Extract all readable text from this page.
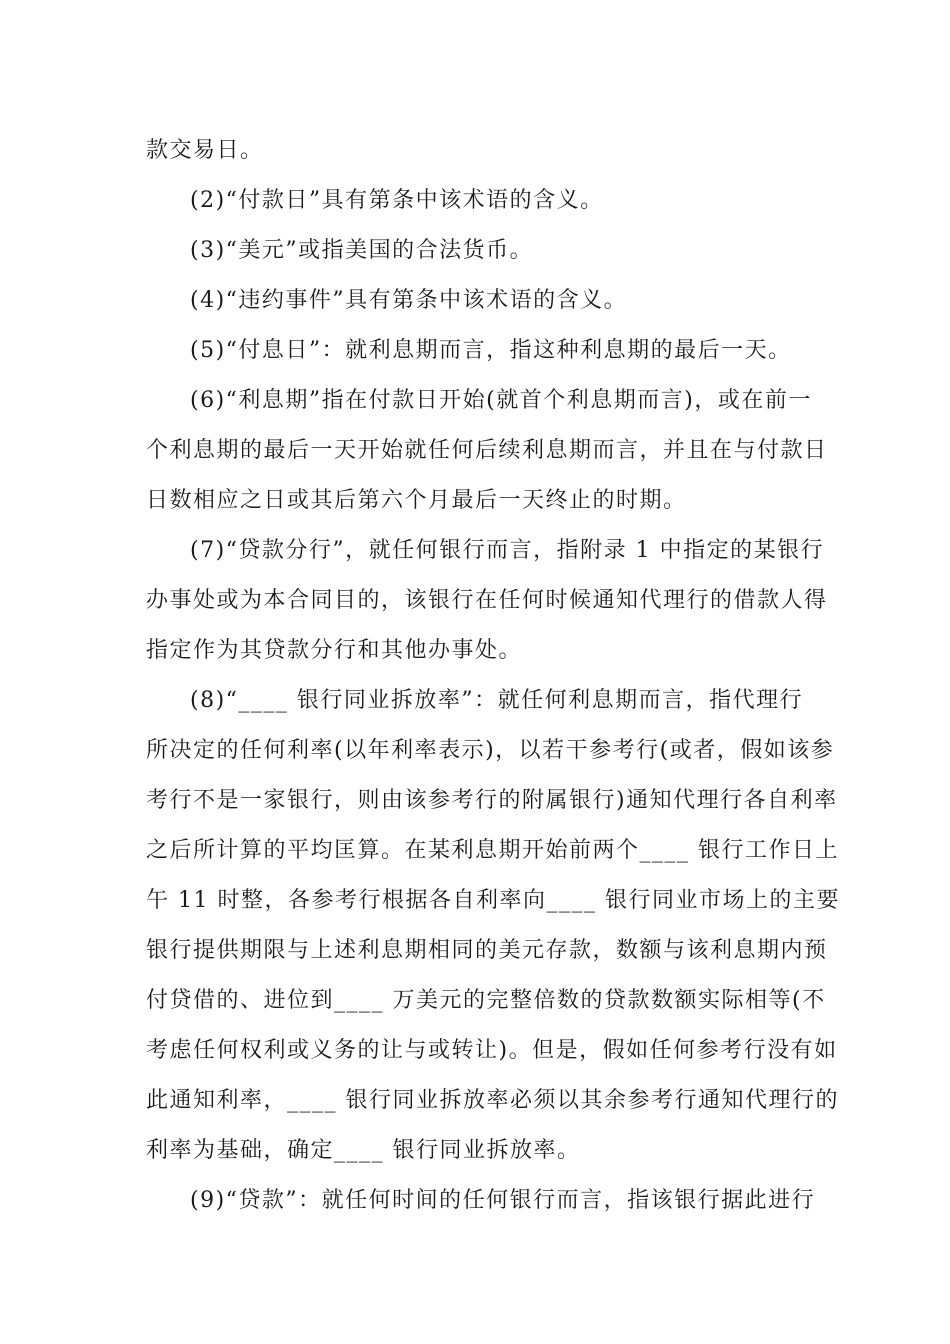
款交易日。
(2)“付款日”具有第条中该术语的含义。
(3)“美元”或指美国的合法货币。
(4)“违约事件”具有第条中该术语的含义。
(5)“付息日”：就利息期而言，指这种利息期的最后一天。
(6)“利息期”指在付款日开始(就首个利息期而言)，或在前一
个利息期的最后一天开始就任何后续利息期而言，并且在与付款日
日数相应之日或其后第六个月最后一天终止的时期。
(7)“贷款分行”，就任何银行而言，指附录 1 中指定的某银行
办事处或为本合同目的，该银行在任何时候通知代理行的借款人得
指定作为其贷款分行和其他办事处。
(8)“____ 银行同业拆放率”：就任何利息期而言，指代理行
所决定的任何利率(以年利率表示)，以若干参考行(或者，假如该参
考行不是一家银行，则由该参考行的附属银行)通知代理行各自利率
之后所计算的平均匡算。在某利息期开始前两个____ 银行工作日上
午 11 时整，各参考行根据各自利率向____ 银行同业市场上的主要
银行提供期限与上述利息期相同的美元存款，数额与该利息期内预
付贷借的、进位到____ 万美元的完整倍数的贷款数额实际相等(不
考虑任何权利或义务的让与或转让)。但是，假如任何参考行没有如
此通知利率，____ 银行同业拆放率必须以其余参考行通知代理行的
利率为基础，确定____ 银行同业拆放率。
(9)“贷款”：就任何时间的任何银行而言，指该银行据此进行
